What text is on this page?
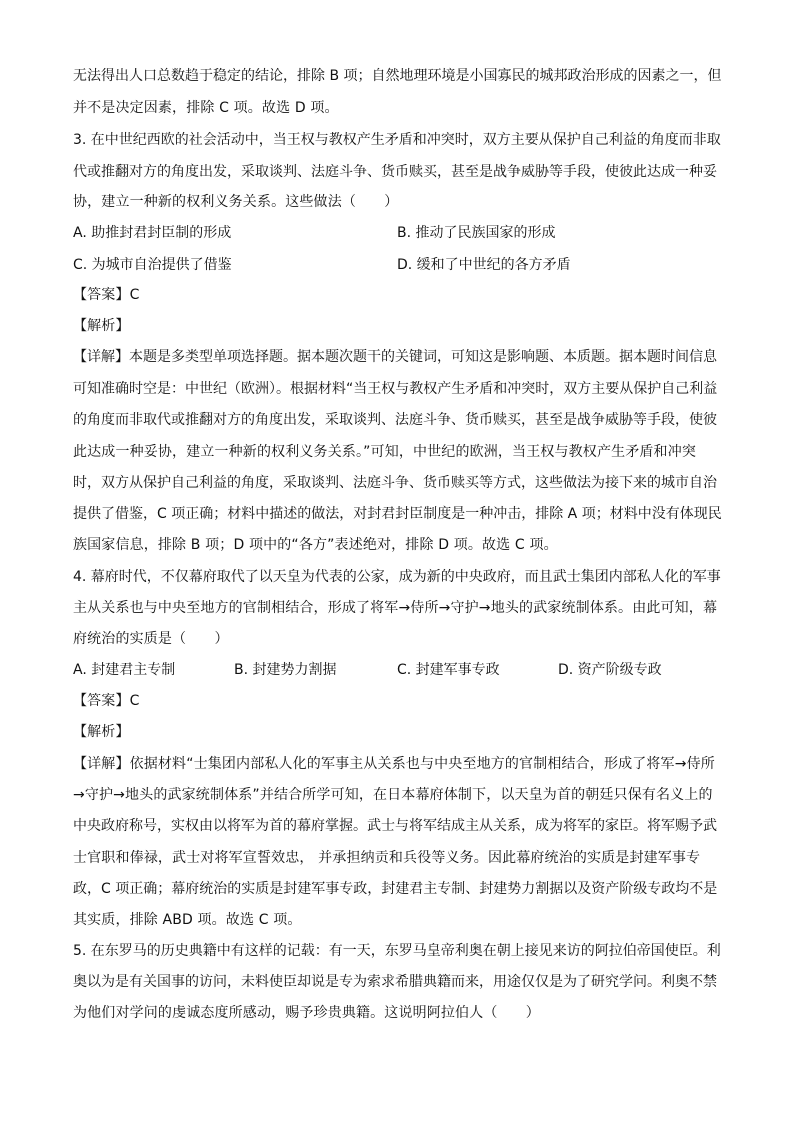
无法得出人口总数趋于稳定的结论，排除 B 项；自然地理环境是小国寡民的城邦政治形成的因素之一，但
并不是决定因素，排除 C 项。故选 D 项。
3. 在中世纪西欧的社会活动中，当王权与教权产生矛盾和冲突时，双方主要从保护自己利益的角度而非取
代或推翻对方的角度出发，采取谈判、法庭斗争、货币赎买，甚至是战争威胁等手段，使彼此达成一种妥
协，建立一种新的权利义务关系。这些做法（　　）
A. 助推封君封臣制的形成	B. 推动了民族国家的形成
C. 为城市自治提供了借鉴	D. 缓和了中世纪的各方矛盾
【答案】C
【解析】
【详解】本题是多类型单项选择题。据本题次题干的关键词，可知这是影响题、本质题。据本题时间信息
可知准确时空是：中世纪（欧洲）。根据材料“当王权与教权产生矛盾和冲突时，双方主要从保护自己利益
的角度而非取代或推翻对方的角度出发，采取谈判、法庭斗争、货币赎买，甚至是战争威胁等手段，使彼
此达成一种妥协，建立一种新的权利义务关系。”可知，中世纪的欧洲，当王权与教权产生矛盾和冲突
时，双方从保护自己利益的角度，采取谈判、法庭斗争、货币赎买等方式，这些做法为接下来的城市自治
提供了借鉴，C 项正确；材料中描述的做法，对封君封臣制度是一种冲击，排除 A 项；材料中没有体现民
族国家信息，排除 B 项；D 项中的“各方”表述绝对，排除 D 项。故选 C 项。
4. 幕府时代，不仅幕府取代了以天皇为代表的公家，成为新的中央政府，而且武士集团内部私人化的军事
主从关系也与中央至地方的官制相结合，形成了将军→侍所→守护→地头的武家统制体系。由此可知，幕
府统治的实质是（　　）
A. 封建君主专制	B. 封建势力割据	C. 封建军事专政	D. 资产阶级专政
【答案】C
【解析】
【详解】依据材料“士集团内部私人化的军事主从关系也与中央至地方的官制相结合，形成了将军→侍所
→守护→地头的武家统制体系”并结合所学可知，在日本幕府体制下，以天皇为首的朝廷只保有名义上的
中央政府称号，实权由以将军为首的幕府掌握。武士与将军结成主从关系，成为将军的家臣。将军赐予武
士官职和俸禄，武士对将军宣誓效忠， 并承担纳贡和兵役等义务。因此幕府统治的实质是封建军事专
政，C 项正确；幕府统治的实质是封建军事专政，封建君主专制、封建势力割据以及资产阶级专政均不是
其实质，排除 ABD 项。故选 C 项。
5. 在东罗马的历史典籍中有这样的记载：有一天，东罗马皇帝利奥在朝上接见来访的阿拉伯帝国使臣。利
奥以为是有关国事的访问，未料使臣却说是专为索求希腊典籍而来，用途仅仅是为了研究学问。利奥不禁
为他们对学问的虔诚态度所感动，赐予珍贵典籍。这说明阿拉伯人（　　）
